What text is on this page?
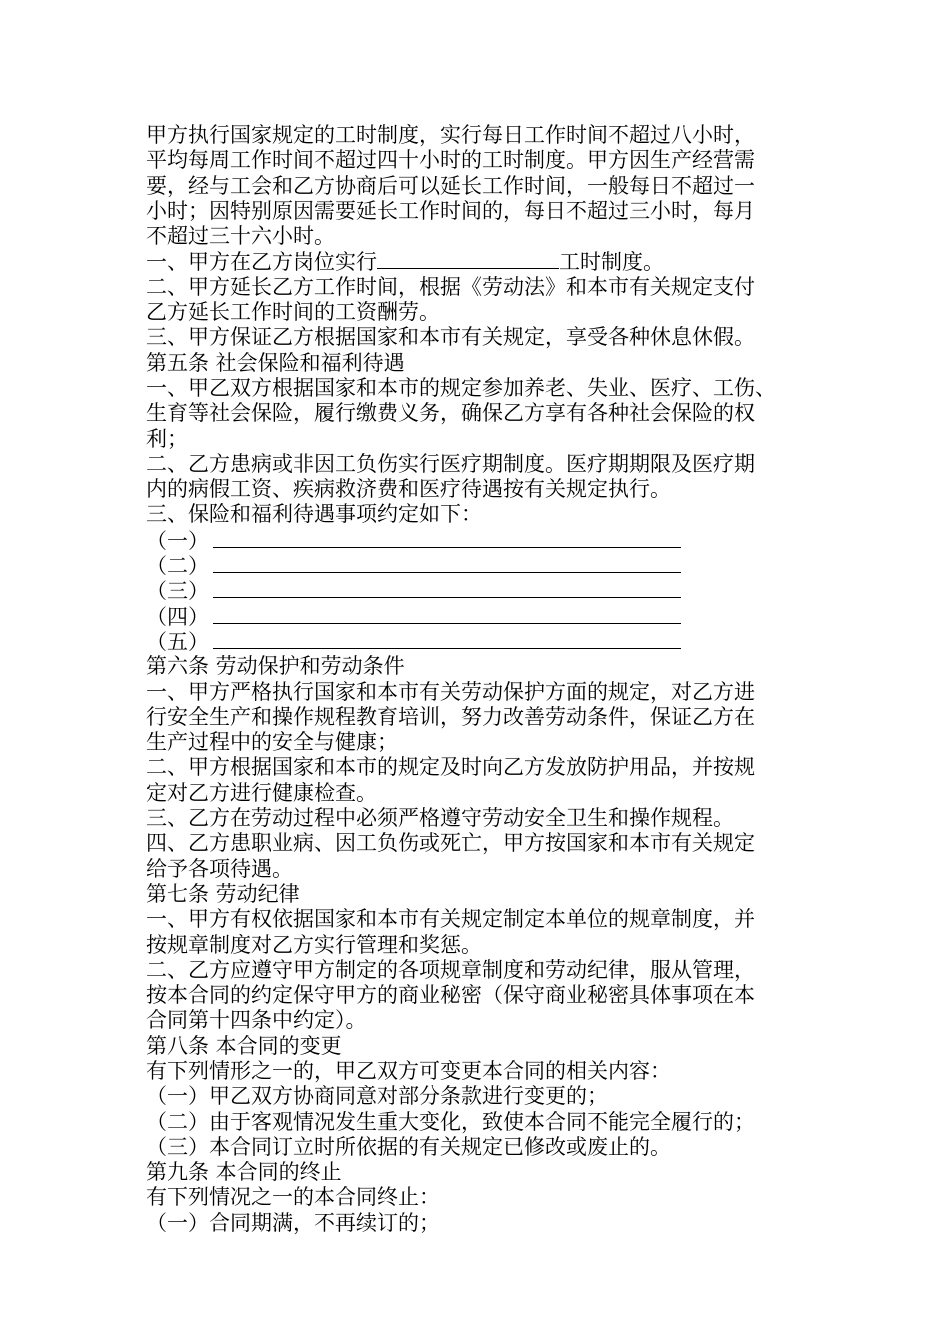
甲方执行国家规定的工时制度，实行每日工作时间不超过八小时，
平均每周工作时间不超过四十小时的工时制度。甲方因生产经营需
要，经与工会和乙方协商后可以延长工作时间，一般每日不超过一
小时；因特别原因需要延长工作时间的，每日不超过三小时，每月
不超过三十六小时。
一、甲方在乙方岗位实行	工时制度。
二、甲方延长乙方工作时间，根据《劳动法》和本市有关规定支付
乙方延长工作时间的工资酬劳。
三、甲方保证乙方根据国家和本市有关规定，享受各种休息休假。
第五条 社会保险和福利待遇
一、甲乙双方根据国家和本市的规定参加养老、失业、医疗、工伤、
生育等社会保险，履行缴费义务，确保乙方享有各种社会保险的权
利；
二、乙方患病或非因工负伤实行医疗期制度。医疗期期限及医疗期
内的病假工资、疾病救济费和医疗待遇按有关规定执行。
三、保险和福利待遇事项约定如下：
（一）
（二）
（三）
（四）
（五）
第六条 劳动保护和劳动条件
一、甲方严格执行国家和本市有关劳动保护方面的规定，对乙方进
行安全生产和操作规程教育培训，努力改善劳动条件，保证乙方在
生产过程中的安全与健康；
二、甲方根据国家和本市的规定及时向乙方发放防护用品，并按规
定对乙方进行健康检查。
三、乙方在劳动过程中必须严格遵守劳动安全卫生和操作规程。
四、乙方患职业病、因工负伤或死亡，甲方按国家和本市有关规定
给予各项待遇。
第七条 劳动纪律
一、甲方有权依据国家和本市有关规定制定本单位的规章制度，并
按规章制度对乙方实行管理和奖惩。
二、乙方应遵守甲方制定的各项规章制度和劳动纪律，服从管理，
按本合同的约定保守甲方的商业秘密（保守商业秘密具体事项在本
合同第十四条中约定）。
第八条 本合同的变更
有下列情形之一的，甲乙双方可变更本合同的相关内容：
（一）甲乙双方协商同意对部分条款进行变更的；
（二）由于客观情况发生重大变化，致使本合同不能完全履行的；
（三）本合同订立时所依据的有关规定已修改或废止的。
第九条 本合同的终止
有下列情况之一的本合同终止：
（一）合同期满，不再续订的；
